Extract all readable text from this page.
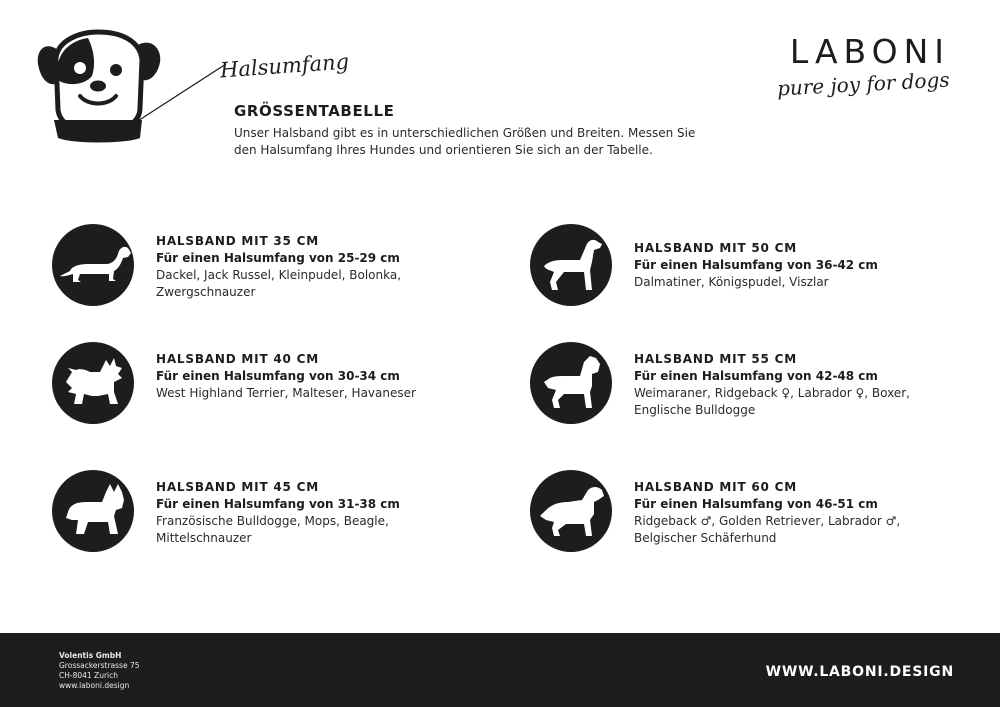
Halsumfang
GRÖSSENTABELLE
Unser Halsband gibt es in unterschiedlichen Größen und Breiten. Messen Sie den Halsumfang Ihres Hundes und orientieren Sie sich an der Tabelle.
LABONI
pure joy for dogs
HALSBAND MIT 35 CM
Für einen Halsumfang von 25-29 cm
Dackel, Jack Russel, Kleinpudel, Bolonka, Zwergschnauzer
HALSBAND MIT 40 CM
Für einen Halsumfang von 30-34 cm
West Highland Terrier, Malteser, Havaneser
HALSBAND MIT 45 CM
Für einen Halsumfang von 31-38 cm
Französische Bulldogge, Mops, Beagle, Mittelschnauzer
HALSBAND MIT 50 CM
Für einen Halsumfang von 36-42 cm
Dalmatiner, Königspudel, Viszlar
HALSBAND MIT 55 CM
Für einen Halsumfang von 42-48 cm
Weimaraner, Ridgeback ♀, Labrador ♀, Boxer, Englische Bulldogge
HALSBAND MIT 60 CM
Für einen Halsumfang von 46-51 cm
Ridgeback ♂, Golden Retriever, Labrador ♂, Belgischer Schäferhund
Volentis GmbH
Grossackerstrasse 75
CH-8041 Zurich
www.laboni.design
WWW.LABONI.DESIGN
